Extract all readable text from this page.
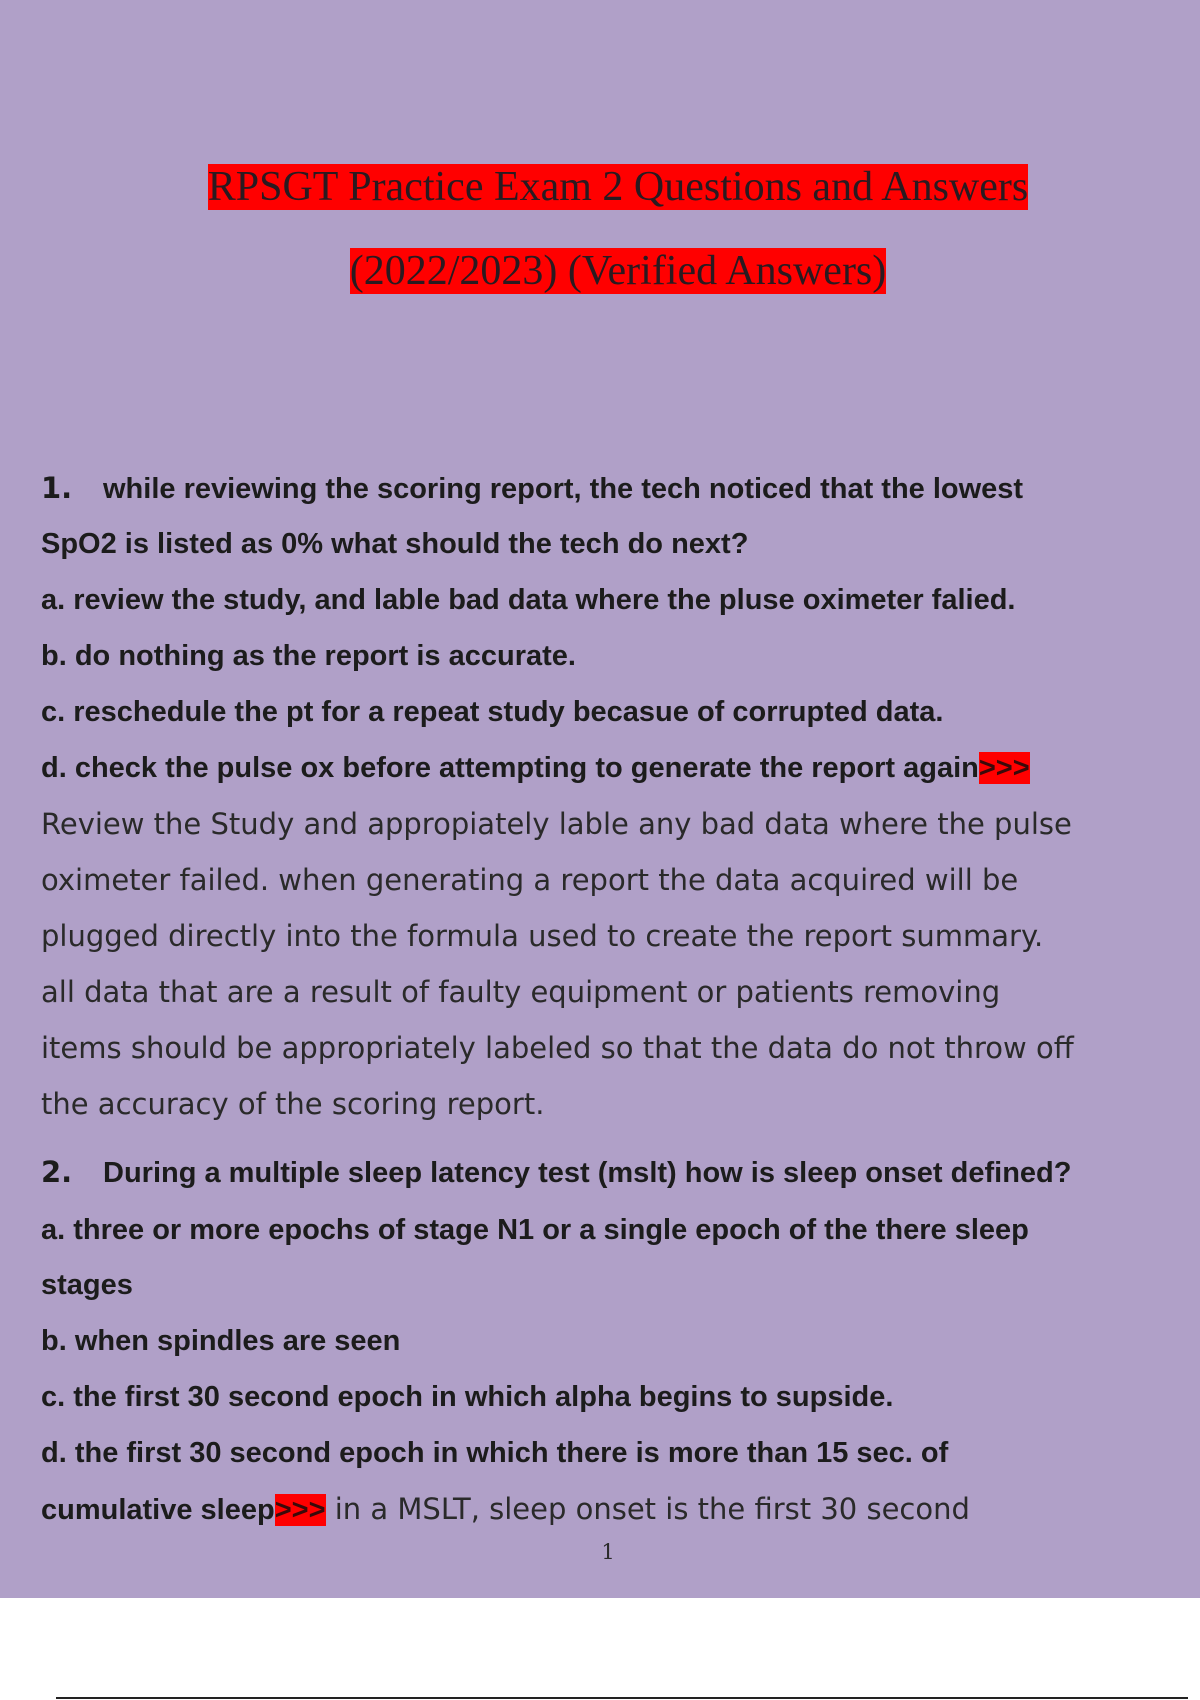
RPSGT Practice Exam 2 Questions and Answers
(2022/2023) (Verified Answers)
1. while reviewing the scoring report, the tech noticed that the lowest
SpO2 is listed as 0% what should the tech do next?
a. review the study, and lable bad data where the pluse oximeter falied.
b. do nothing as the report is accurate.
c. reschedule the pt for a repeat study becasue of corrupted data.
d. check the pulse ox before attempting to generate the report again>>>
Review the Study and appropiately lable any bad data where the pulse
oximeter failed. when generating a report the data acquired will be
plugged directly into the formula used to create the report summary.
all data that are a result of faulty equipment or patients removing
items should be appropriately labeled so that the data do not throw off
the accuracy of the scoring report.
2. During a multiple sleep latency test (mslt) how is sleep onset defined?
a. three or more epochs of stage N1 or a single epoch of the there sleep
stages
b. when spindles are seen
c. the first 30 second epoch in which alpha begins to supside.
d. the first 30 second epoch in which there is more than 15 sec. of
cumulative sleep>>> in a MSLT, sleep onset is the first 30 second
1
